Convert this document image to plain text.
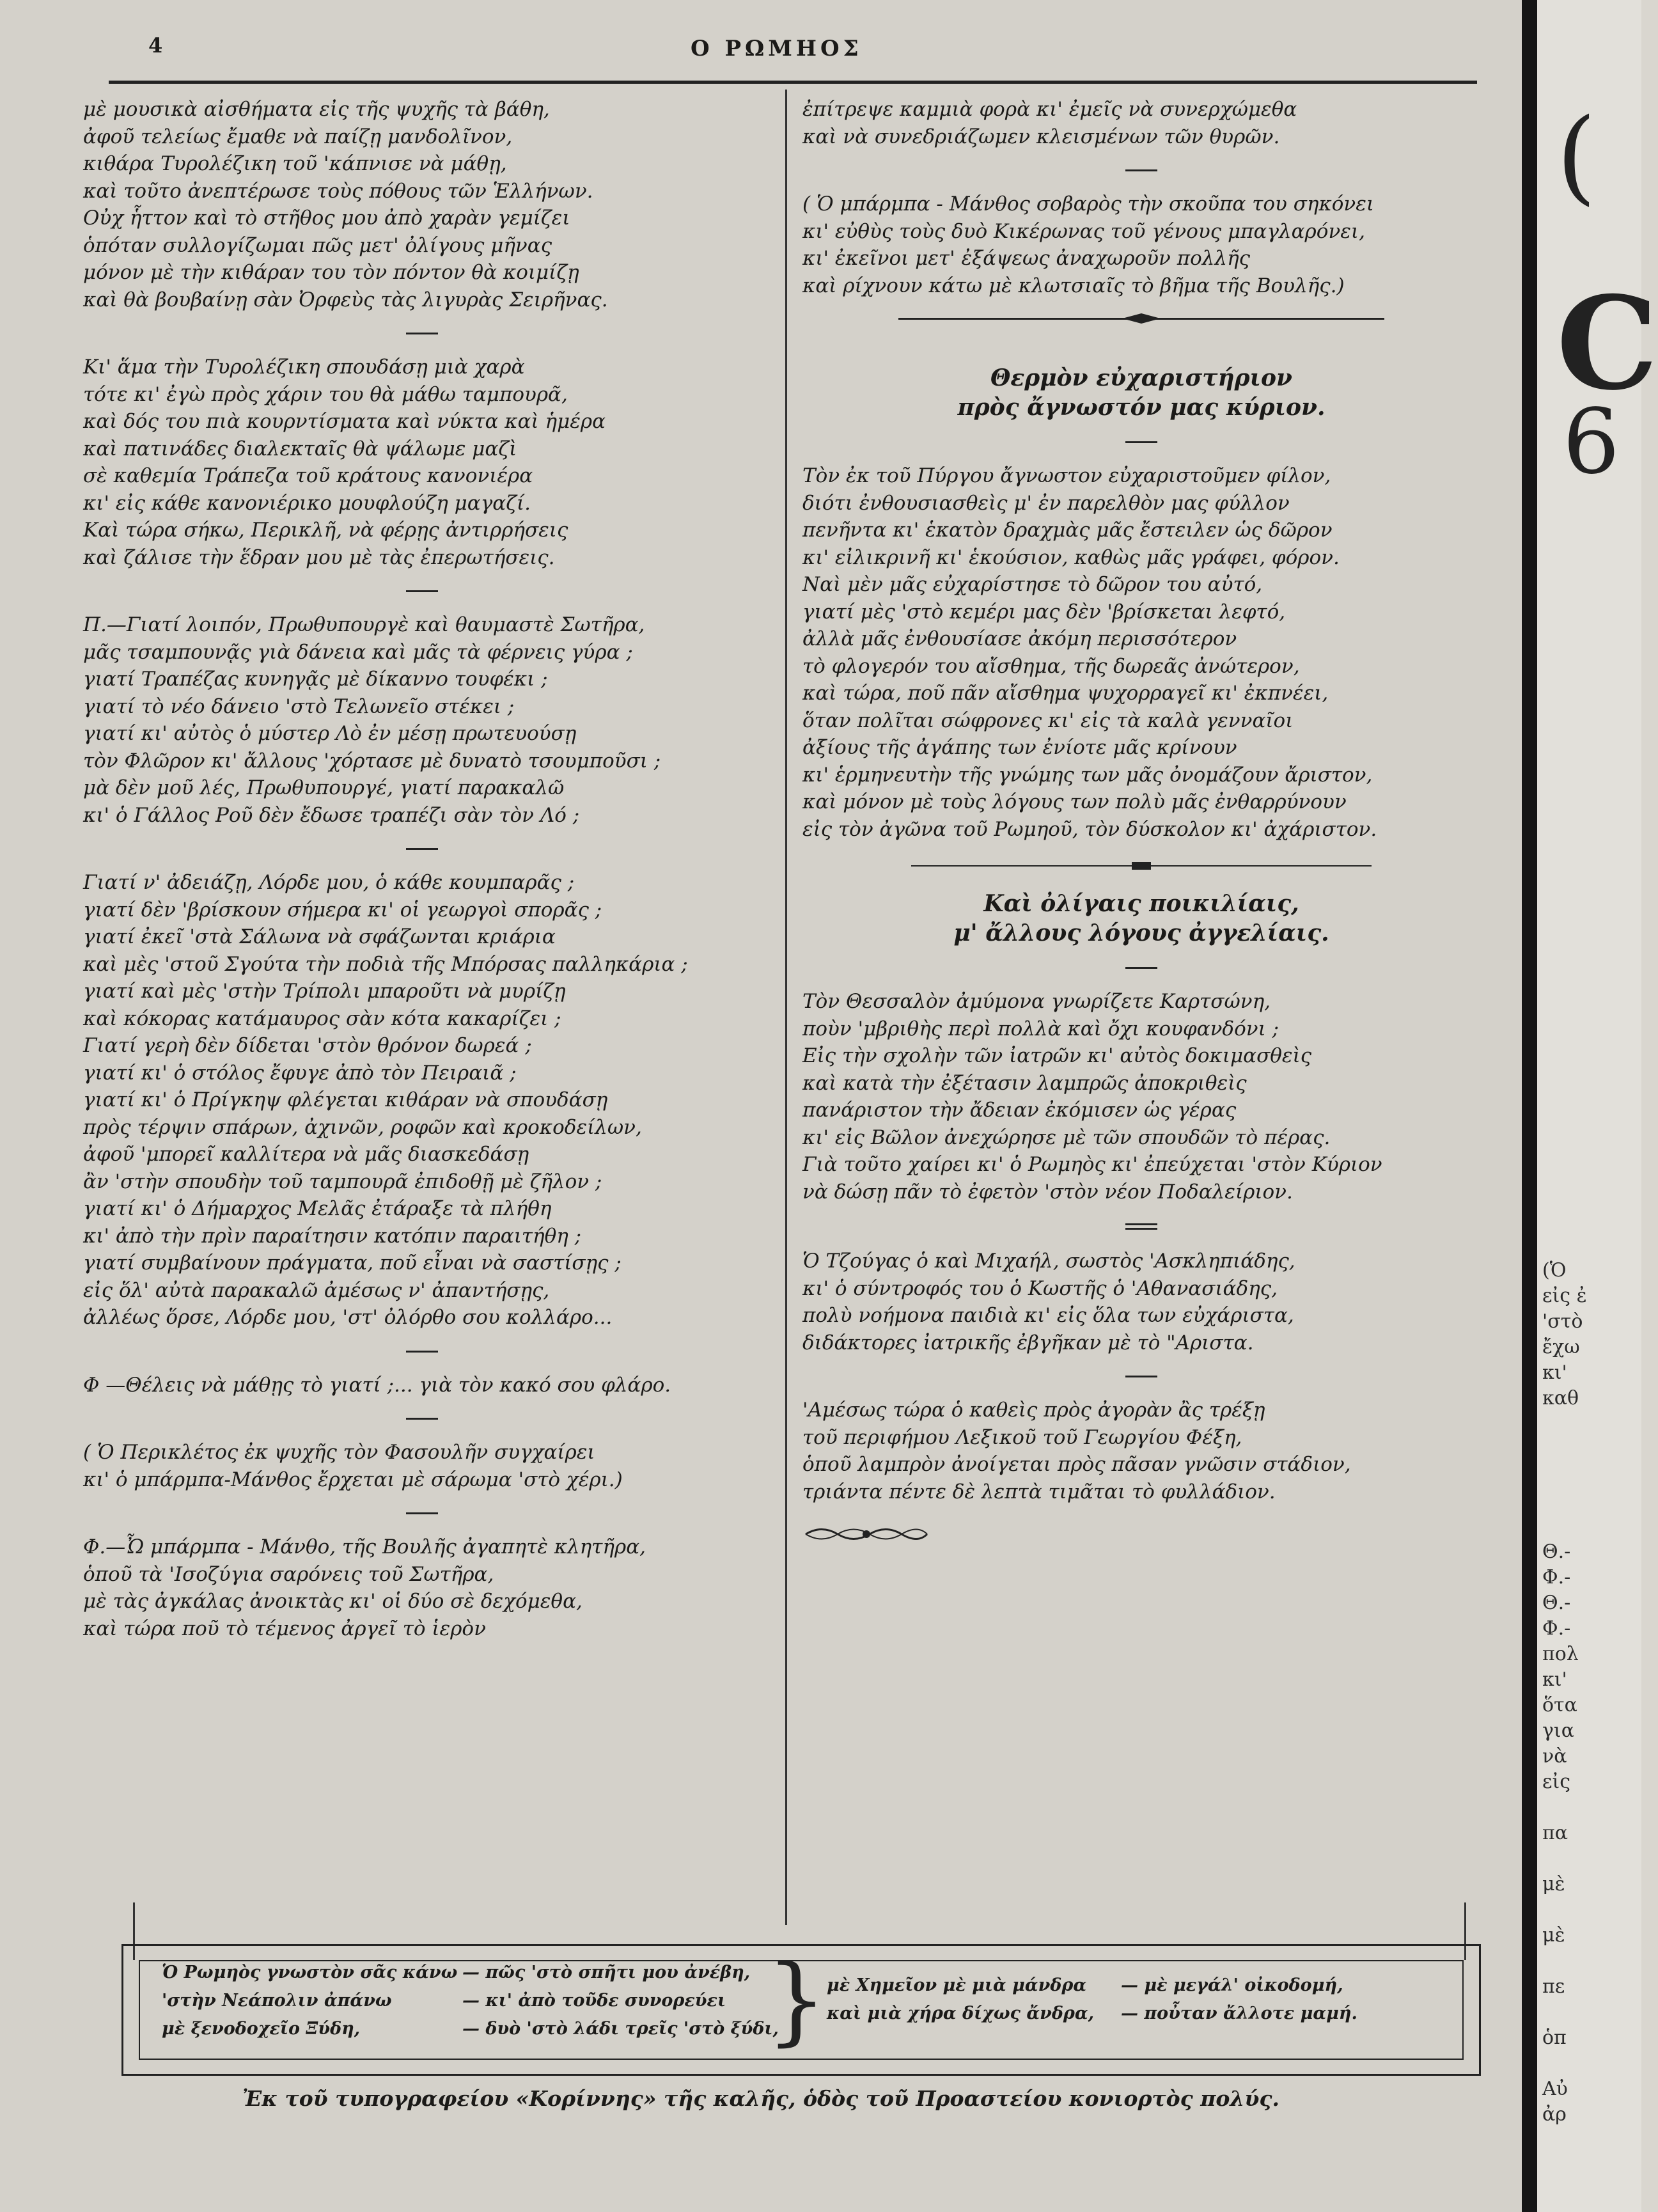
4	Ο ΡΩΜΗΟΣ
μὲ μουσικὰ αἰσθήματα εἰς τῆς ψυχῆς τὰ βάθη,
ἀφοῦ τελείως ἔμαθε νὰ παίζῃ μανδολῖνον,
κιθάρα Τυρολέζικη τοῦ 'κάπνισε νὰ μάθῃ,
καὶ τοῦτο ἀνεπτέρωσε τοὺς πόθους τῶν Ἑλλήνων.
Οὐχ ἧττον καὶ τὸ στῆθος μου ἀπὸ χαρὰν γεμίζει
ὁπόταν συλλογίζωμαι πῶς μετ' ὀλίγους μῆνας
μόνον μὲ τὴν κιθάραν του τὸν πόντον θὰ κοιμίζῃ
καὶ θὰ βουβαίνῃ σὰν Ὀρφεὺς τὰς λιγυρὰς Σειρῆνας.
Κι' ἅμα τὴν Τυρολέζικη σπουδάσῃ μιὰ χαρὰ
τότε κι' ἐγὼ πρὸς χάριν του θὰ μάθω ταμπουρᾶ,
καὶ δός του πιὰ κουρντίσματα καὶ νύκτα καὶ ἡμέρα
καὶ πατινάδες διαλεκταῖς θὰ ψάλωμε μαζὶ
σὲ καθεμία Τράπεζα τοῦ κράτους κανονιέρα
κι' εἰς κάθε κανονιέρικο μουφλούζη μαγαζί.
Καὶ τώρα σήκω, Περικλῆ, νὰ φέρῃς ἀντιρρήσεις
καὶ ζάλισε τὴν ἕδραν μου μὲ τὰς ἐπερωτήσεις.
Π.—Γιατί λοιπόν, Πρωθυπουργὲ καὶ θαυμαστὲ Σωτῆρα,
μᾶς τσαμπουνᾷς γιὰ δάνεια καὶ μᾶς τὰ φέρνεις γύρα ;
γιατί Τραπέζας κυνηγᾷς μὲ δίκαννο τουφέκι ;
γιατί τὸ νέο δάνειο 'στὸ Τελωνεῖο στέκει ;
γιατί κι' αὐτὸς ὁ μύστερ Λὸ ἐν μέσῃ πρωτευούσῃ
τὸν Φλῶρον κι' ἄλλους 'χόρτασε μὲ δυνατὸ τσουμποῦσι ;
μὰ δὲν μοῦ λές, Πρωθυπουργέ, γιατί παρακαλῶ
κι' ὁ Γάλλος Ρoῦ δὲν ἔδωσε τραπέζι σὰν τὸν Λό ;
Γιατί ν' ἀδειάζῃ, Λόρδε μου, ὁ κάθε κουμπαρᾶς ;
γιατί δὲν 'βρίσκουν σήμερα κι' οἱ γεωργοὶ σπορᾶς ;
γιατί ἐκεῖ 'στὰ Σάλωνα νὰ σφάζωνται κριάρια
καὶ μὲς 'στοῦ Σγούτα τὴν ποδιὰ τῆς Μπόρσας παλληκάρια ;
γιατί καὶ μὲς 'στὴν Τρίπολι μπαροῦτι νὰ μυρίζῃ
καὶ κόκορας κατάμαυρος σὰν κότα κακαρίζει ;
Γιατί γερὴ δὲν δίδεται 'στὸν θρόνον δωρεά ;
γιατί κι' ὁ στόλος ἔφυγε ἀπὸ τὸν Πειραιᾶ ;
γιατί κι' ὁ Πρίγκηψ φλέγεται κιθάραν νὰ σπουδάσῃ
πρὸς τέρψιν σπάρων, ἀχινῶν, ροφῶν καὶ κροκοδείλων,
ἀφοῦ 'μπορεῖ καλλίτερα νὰ μᾶς διασκεδάσῃ
ἂν 'στὴν σπουδὴν τοῦ ταμπουρᾶ ἐπιδοθῇ μὲ ζῆλον ;
γιατί κι' ὁ Δήμαρχος Μελᾶς ἐτάραξε τὰ πλήθη
κι' ἀπὸ τὴν πρὶν παραίτησιν κατόπιν παραιτήθη ;
γιατί συμβαίνουν πράγματα, ποῦ εἶναι νὰ σαστίσῃς ;
εἰς ὅλ' αὐτὰ παρακαλῶ ἀμέσως ν' ἀπαντήσῃς,
ἀλλέως ὅρσε, Λόρδε μου, 'στ' ὀλόρθο σου κολλάρο...
Φ —Θέλεις νὰ μάθῃς τὸ γιατί ;... γιὰ τὸν κακό σου φλάρο.
( Ὁ Περικλέτος ἐκ ψυχῆς τὸν Φασουλῆν συγχαίρει
κι' ὁ μπάρμπα-Μάνθος ἔρχεται μὲ σάρωμα 'στὸ χέρι.)
Φ.—Ὦ μπάρμπα - Μάνθο, τῆς Βουλῆς ἀγαπητὲ κλητῆρα,
ὁποῦ τὰ 'Ισοζύγια σαρόνεις τοῦ Σωτῆρα,
μὲ τὰς ἀγκάλας ἀνοικτὰς κι' οἱ δύο σὲ δεχόμεθα,
καὶ τώρα ποῦ τὸ τέμενος ἀργεῖ τὸ ἱερὸν
ἐπίτρεψε καμμιὰ φορὰ κι' ἐμεῖς νὰ συνερχώμεθα
καὶ νὰ συνεδριάζωμεν κλεισμένων τῶν θυρῶν.
( Ὁ μπάρμπα - Μάνθος σοβαρὸς τὴν σκοῦπα του σηκόνει
κι' εὐθὺς τοὺς δυὸ Κικέρωνας τοῦ γένους μπαγλαρόνει,
κι' ἐκεῖνοι μετ' ἐξάψεως ἀναχωροῦν πολλῆς
καὶ ρίχνουν κάτω μὲ κλωτσιαῖς τὸ βῆμα τῆς Βουλῆς.)
Θερμὸν εὐχαριστήριον
πρὸς ἄγνωστόν μας κύριον.
Τὸν ἐκ τοῦ Πύργου ἄγνωστον εὐχαριστοῦμεν φίλον,
διότι ἐνθουσιασθεὶς μ' ἐν παρελθὸν μας φύλλον
πενῆντα κι' ἑκατὸν δραχμὰς μᾶς ἔστειλεν ὡς δῶρον
κι' εἰλικρινῆ κι' ἑκούσιον, καθὼς μᾶς γράφει, φόρον.
Ναὶ μὲν μᾶς εὐχαρίστησε τὸ δῶρον του αὐτό,
γιατί μὲς 'στὸ κεμέρι μας δὲν 'βρίσκεται λεφτό,
ἀλλὰ μᾶς ἐνθουσίασε ἀκόμη περισσότερον
τὸ φλογερόν του αἴσθημα, τῆς δωρεᾶς ἀνώτερον,
καὶ τώρα, ποῦ πᾶν αἴσθημα ψυχορραγεῖ κι' ἐκπνέει,
ὅταν πολῖται σώφρονες κι' εἰς τὰ καλὰ γενναῖοι
ἀξίους τῆς ἀγάπης των ἐνίοτε μᾶς κρίνουν
κι' ἑρμηνευτὴν τῆς γνώμης των μᾶς ὀνομάζουν ἄριστον,
καὶ μόνον μὲ τοὺς λόγους των πολὺ μᾶς ἐνθαρρύνουν
εἰς τὸν ἀγῶνα τοῦ Ρωμηοῦ, τὸν δύσκολον κι' ἀχάριστον.
Καὶ ὀλίγαις ποικιλίαις,
μ' ἄλλους λόγους ἀγγελίαις.
Τὸν Θεσσαλὸν ἀμύμονα γνωρίζετε Καρτσώνη,
ποὺν 'μβριθὴς περὶ πολλὰ καὶ ὄχι κουφανδόνι ;
Εἰς τὴν σχολὴν τῶν ἰατρῶν κι' αὐτὸς δοκιμασθεὶς
καὶ κατὰ τὴν ἐξέτασιν λαμπρῶς ἀποκριθεὶς
πανάριστον τὴν ἄδειαν ἐκόμισεν ὡς γέρας
κι' εἰς Βῶλον ἀνεχώρησε μὲ τῶν σπουδῶν τὸ πέρας.
Γιὰ τοῦτο χαίρει κι' ὁ Ρωμηὸς κι' ἐπεύχεται 'στὸν Κύριον
νὰ δώσῃ πᾶν τὸ ἐφετὸν 'στὸν νέον Ποδαλείριον.
Ὁ Τζούγας ὁ καὶ Μιχαήλ, σωστὸς 'Ασκληπιάδης,
κι' ὁ σύντροφός του ὁ Κωστῆς ὁ 'Αθανασιάδης,
πολὺ νοήμονα παιδιὰ κι' εἰς ὅλα των εὐχάριστα,
διδάκτορες ἰατρικῆς ἐβγῆκαν μὲ τὸ "Αριστα.
'Αμέσως τώρα ὁ καθεὶς πρὸς ἀγορὰν ἂς τρέξῃ
τοῦ περιφήμου Λεξικοῦ τοῦ Γεωργίου Φέξη,
ὁποῦ λαμπρὸν ἀνοίγεται πρὸς πᾶσαν γνῶσιν στάδιον,
τριάντα πέντε δὲ λεπτὰ τιμᾶται τὸ φυλλάδιον.
Ὁ Ρωμηὸς γνωστὸν σᾶς κάνω
'στὴν Νεάπολιν ἀπάνω
μὲ ξενοδοχεῖο Ξύδη,
— πῶς 'στὸ σπῆτι μου ἀνέβη,
— κι' ἀπὸ τοῦδε συνορεύει
— δυὸ 'στὸ λάδι τρεῖς 'στὸ ξύδι,
} μὲ Χημεῖον μὲ μιὰ μάνδρα
καὶ μιὰ χήρα δίχως ἄνδρα,
— μὲ μεγάλ' οἰκοδομή,
— ποὖταν ἄλλοτε μαμή.
Ἐκ τοῦ τυπογραφείου «Κορίννης» τῆς καλῆς, ὁδὸς τοῦ Προαστείου κονιορτὸς πολύς.
(
C
6
(Ὁ
εἰς ἐ
'στὸ
ἔχω
κι'
καθ
Θ.-
Φ.-
Θ.-
Φ.-
πολ
κι'
ὅτα
για
νὰ
εἰς
πα
μὲ
μὲ
πε
ὁπ
Αὐ
ἀρ
